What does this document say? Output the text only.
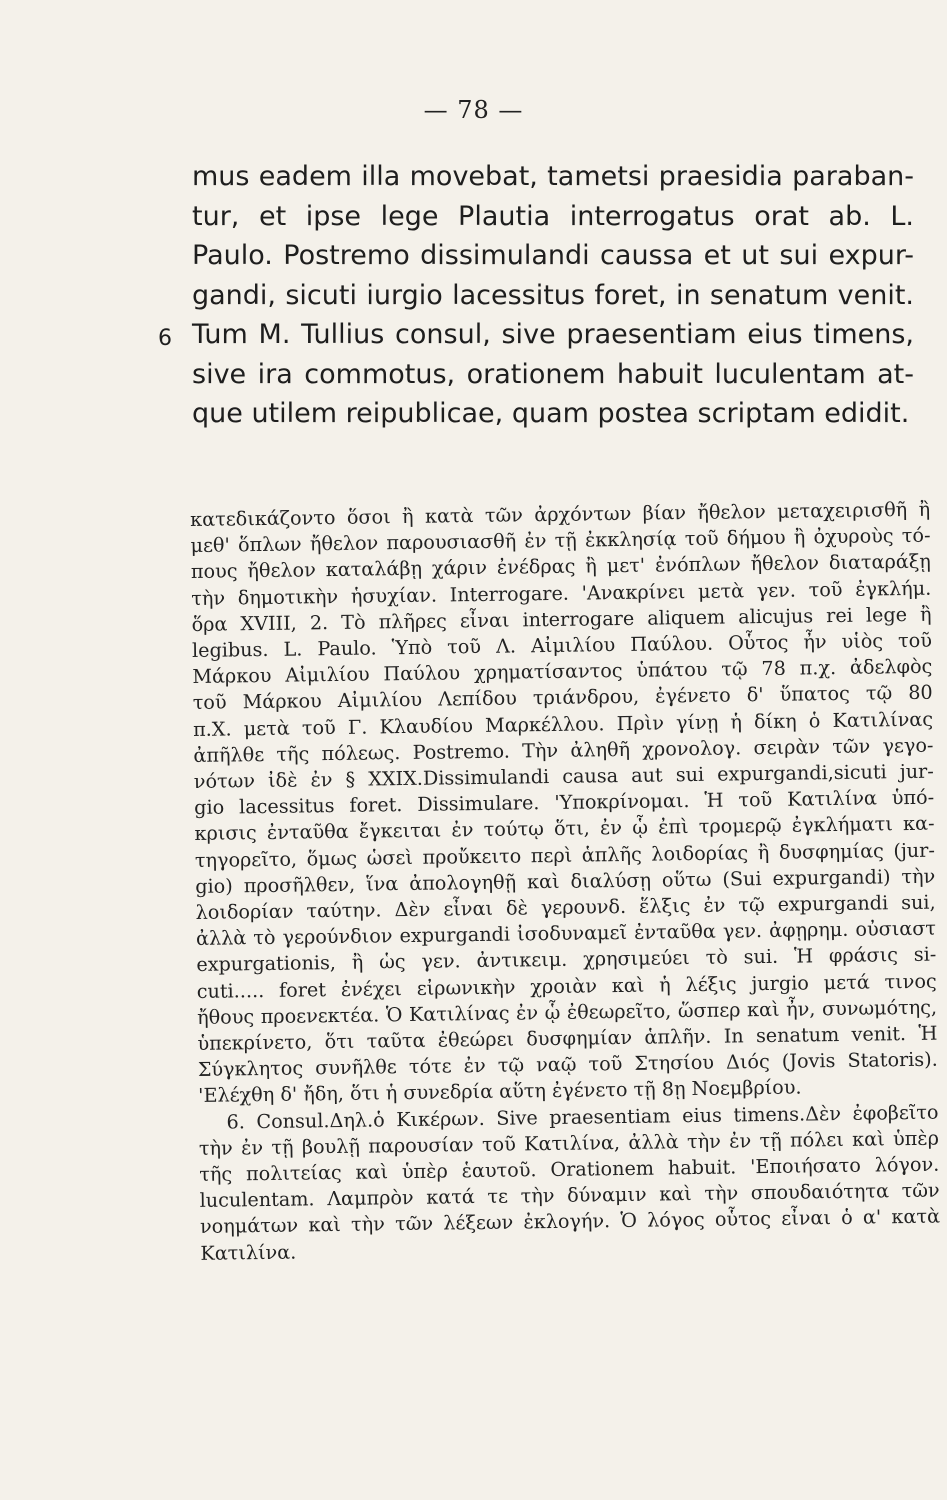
— 78 —
mus eadem illa movebat, tametsi praesidia paraban-
tur, et ipse lege Plautia interrogatus orat ab. L.
Paulo. Postremo dissimulandi caussa et ut sui expur-
gandi, sicuti iurgio lacessitus foret, in senatum venit.
6 Tum M. Tullius consul, sive praesentiam eius timens,
sive ira commotus, orationem habuit luculentam at-
que utilem reipublicae, quam postea scriptam edidit.
κατεδικάζοντο ὅσοι ἢ κατὰ τῶν ἀρχόντων βίαν ἤθελον μεταχειρισθῆ ἢ
μεθ' ὅπλων ἤθελον παρουσιασθῆ ἐν τῇ ἐκκλησίᾳ τοῦ δήμου ἢ ὀχυροὺς τό-
πους ἤθελον καταλάβῃ χάριν ἐνέδρας ἢ μετ' ἐνόπλων ἤθελον διαταράξῃ
τὴν δημοτικὴν ἡσυχίαν. Interrogare. 'Ανακρίνει μετὰ γεν. τοῦ ἐγκλήμ.
ὅρα XVIII, 2. Τὸ πλῆρες εἶναι interrogare aliquem alicujus rei lege ἢ
legibus. L. Paulo. Ὑπὸ τοῦ Λ. Αἰμιλίου Παύλου. Οὗτος ἦν υἱὸς τοῦ
Μάρκου Αἰμιλίου Παύλου χρηματίσαντος ὑπάτου τῷ 78 π.χ. ἀδελφὸς
τοῦ Μάρκου Αἰμιλίου Λεπίδου τριάνδρου, ἐγένετο δ' ὕπατος τῷ 80
π.Χ. μετὰ τοῦ Γ. Κλαυδίου Μαρκέλλου. Πρὶν γίνῃ ἡ δίκη ὁ Κατιλίνας
ἀπῆλθε τῆς πόλεως. Postremo. Τὴν ἀληθῆ χρονολογ. σειρὰν τῶν γεγο-
νότων ἰδὲ ἐν § XXIX.Dissimulandi causa aut sui expurgandi,sicuti jur-
gio lacessitus foret. Dissimulare. 'Υποκρίνομαι. Ἡ τοῦ Κατιλίνα ὑπό-
κρισις ἐνταῦθα ἔγκειται ἐν τούτῳ ὅτι, ἐν ᾧ ἐπὶ τρομερῷ ἐγκλήματι κα-
τηγορεῖτο, ὅμως ὡσεὶ προὔκειτο περὶ ἁπλῆς λοιδορίας ἢ δυσφημίας (jur-
gio) προσῆλθεν, ἵνα ἀπολογηθῇ καὶ διαλύσῃ οὕτω (Sui expurgandi) τὴν
λοιδορίαν ταύτην. Δὲν εἶναι δὲ γερουνδ. ἕλξις ἐν τῷ expurgandi sui,
ἀλλὰ τὸ γερούνδιον expurgandi ἰσοδυναμεῖ ἐνταῦθα γεν. ἀφῃρημ. οὐσιαστ
expurgationis, ἢ ὡς γεν. ἀντικειμ. χρησιμεύει τὸ sui. Ἡ φράσις si-
cuti..... foret ἐνέχει εἰρωνικὴν χροιὰν καὶ ἡ λέξις jurgio μετά τινος
ἤθους προενεκτέα. Ὁ Κατιλίνας ἐν ᾧ ἐθεωρεῖτο, ὥσπερ καὶ ἦν, συνωμότης,
ὑπεκρίνετο, ὅτι ταῦτα ἐθεώρει δυσφημίαν ἁπλῆν. In senatum venit. Ἡ
Σύγκλητος συνῆλθε τότε ἐν τῷ ναῷ τοῦ Στησίου Διός (Jovis Statoris).
'Ελέχθη δ' ἤδη, ὅτι ἡ συνεδρία αὕτη ἐγένετο τῇ 8ῃ Νοεμβρίου.
6. Consul.Δηλ.ὁ Κικέρων. Sive praesentiam eius timens.Δὲν ἐφοβεῖτο
τὴν ἐν τῇ βουλῇ παρουσίαν τοῦ Κατιλίνα, ἀλλὰ τὴν ἐν τῇ πόλει καὶ ὑπὲρ
τῆς πολιτείας καὶ ὑπὲρ ἑαυτοῦ. Orationem habuit. 'Εποιήσατο λόγον.
luculentam. Λαμπρὸν κατά τε τὴν δύναμιν καὶ τὴν σπουδαιότητα τῶν
νοημάτων καὶ τὴν τῶν λέξεων ἐκλογήν. Ὁ λόγος οὗτος εἶναι ὁ α' κατὰ
Κατιλίνα.
